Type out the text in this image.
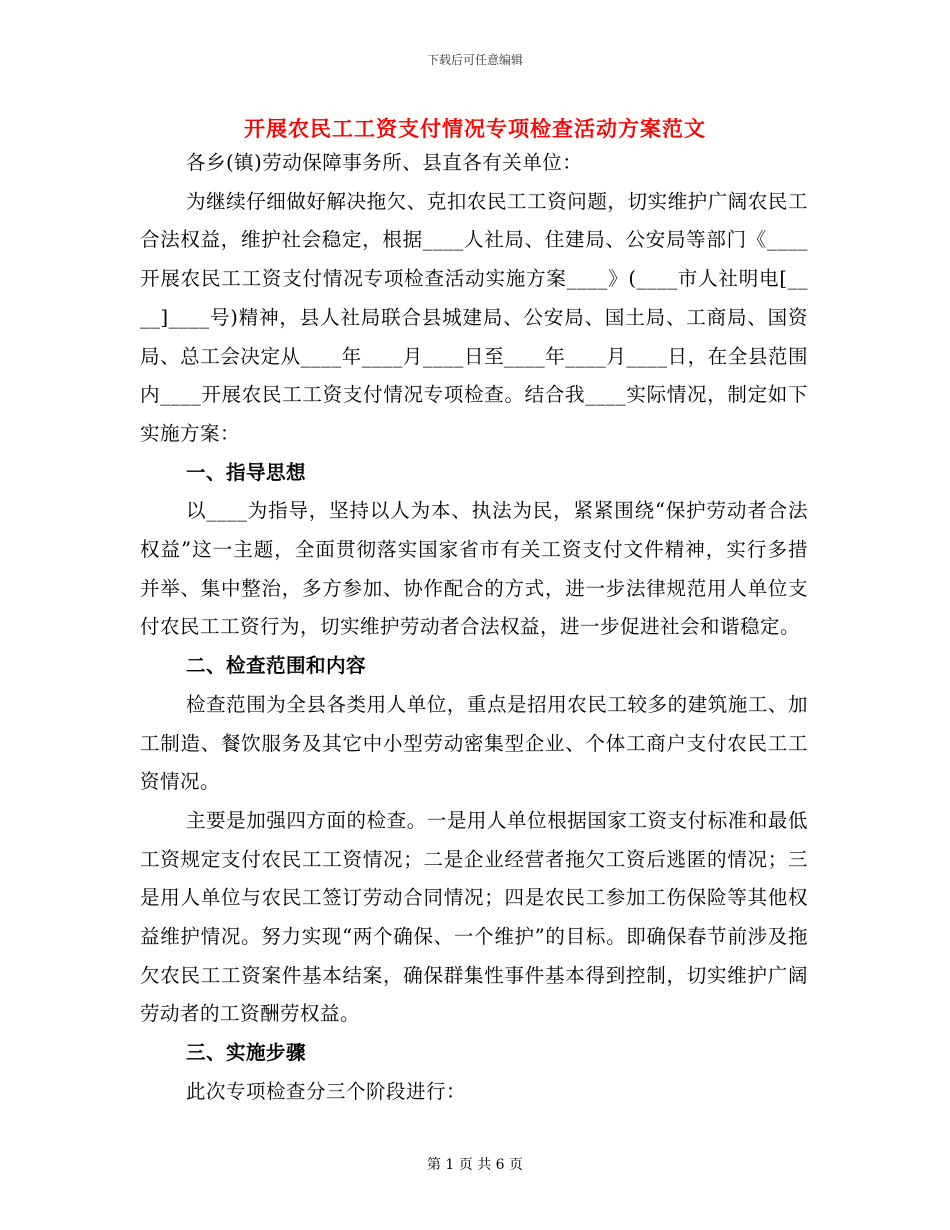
下载后可任意编辑
开展农民工工资支付情况专项检查活动方案范文

各乡(镇)劳动保障事务所、县直各有关单位：

为继续仔细做好解决拖欠、克扣农民工工资问题，切实维护广阔农民工合法权益，维护社会稳定，根据____人社局、住建局、公安局等部门《____开展农民工工资支付情况专项检查活动实施方案____》(____市人社明电[____]____号)精神，县人社局联合县城建局、公安局、国土局、工商局、国资局、总工会决定从____年____月____日至____年____月____日，在全县范围内____开展农民工工资支付情况专项检查。结合我____实际情况，制定如下实施方案：

一、指导思想

以____为指导，坚持以人为本、执法为民，紧紧围绕“保护劳动者合法权益”这一主题，全面贯彻落实国家省市有关工资支付文件精神，实行多措并举、集中整治，多方参加、协作配合的方式，进一步法律规范用人单位支付农民工工资行为，切实维护劳动者合法权益，进一步促进社会和谐稳定。

二、检查范围和内容

检查范围为全县各类用人单位，重点是招用农民工较多的建筑施工、加工制造、餐饮服务及其它中小型劳动密集型企业、个体工商户支付农民工工资情况。

主要是加强四方面的检查。一是用人单位根据国家工资支付标准和最低工资规定支付农民工工资情况；二是企业经营者拖欠工资后逃匿的情况；三是用人单位与农民工签订劳动合同情况；四是农民工参加工伤保险等其他权益维护情况。努力实现“两个确保、一个维护”的目标。即确保春节前涉及拖欠农民工工资案件基本结案，确保群集性事件基本得到控制，切实维护广阔劳动者的工资酬劳权益。

三、实施步骤

此次专项检查分三个阶段进行：

第 1 页 共 6 页
